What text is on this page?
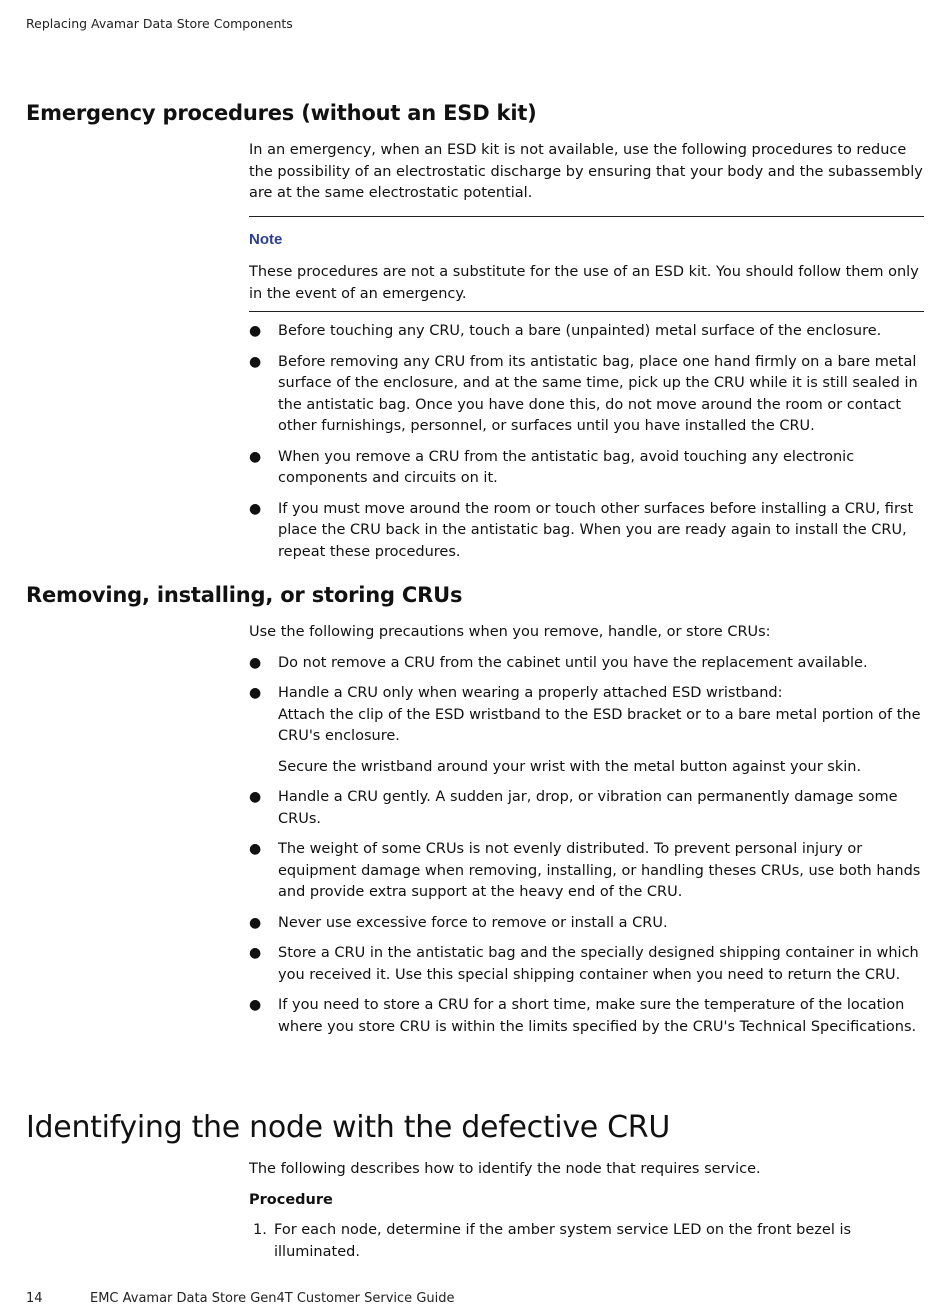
Replacing Avamar Data Store Components
Emergency procedures (without an ESD kit)

In an emergency, when an ESD kit is not available, use the following procedures to reduce the possibility of an electrostatic discharge by ensuring that your body and the subassembly are at the same electrostatic potential.

Note

These procedures are not a substitute for the use of an ESD kit. You should follow them only in the event of an emergency.

● Before touching any CRU, touch a bare (unpainted) metal surface of the enclosure.
● Before removing any CRU from its antistatic bag, place one hand firmly on a bare metal surface of the enclosure, and at the same time, pick up the CRU while it is still sealed in the antistatic bag. Once you have done this, do not move around the room or contact other furnishings, personnel, or surfaces until you have installed the CRU.
● When you remove a CRU from the antistatic bag, avoid touching any electronic components and circuits on it.
● If you must move around the room or touch other surfaces before installing a CRU, first place the CRU back in the antistatic bag. When you are ready again to install the CRU, repeat these procedures.
Removing, installing, or storing CRUs

Use the following precautions when you remove, handle, or store CRUs:

● Do not remove a CRU from the cabinet until you have the replacement available.
● Handle a CRU only when wearing a properly attached ESD wristband:

Attach the clip of the ESD wristband to the ESD bracket or to a bare metal portion of the CRU's enclosure.

Secure the wristband around your wrist with the metal button against your skin.

● Handle a CRU gently. A sudden jar, drop, or vibration can permanently damage some CRUs.
● The weight of some CRUs is not evenly distributed. To prevent personal injury or equipment damage when removing, installing, or handling theses CRUs, use both hands and provide extra support at the heavy end of the CRU.
● Never use excessive force to remove or install a CRU.
● Store a CRU in the antistatic bag and the specially designed shipping container in which you received it. Use this special shipping container when you need to return the CRU.
● If you need to store a CRU for a short time, make sure the temperature of the location where you store CRU is within the limits specified by the CRU's Technical Specifications.
Identifying the node with the defective CRU

The following describes how to identify the node that requires service.

Procedure
1. For each node, determine if the amber system service LED on the front bezel is illuminated.
14	EMC Avamar Data Store Gen4T Customer Service Guide
